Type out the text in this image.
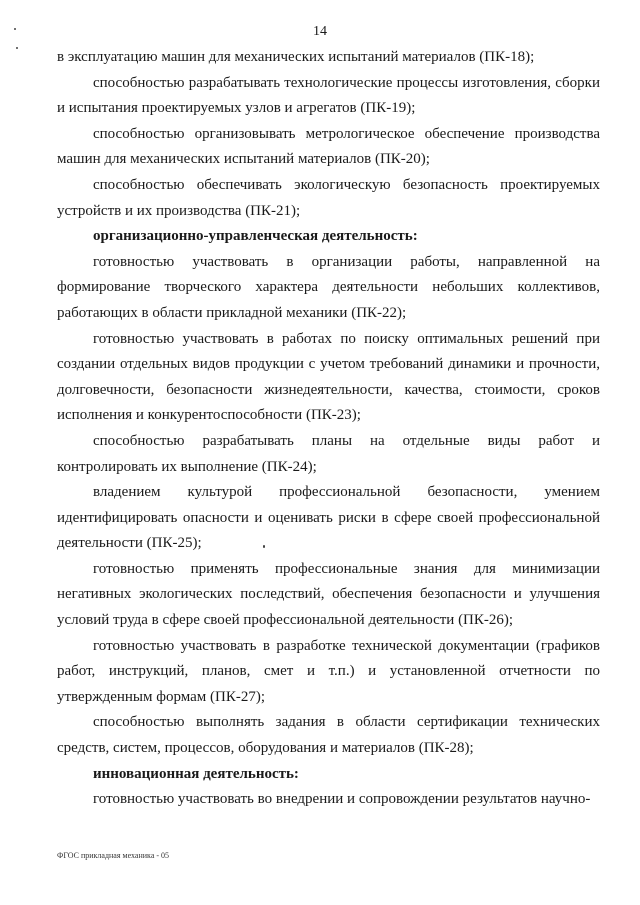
14

в эксплуатацию машин для механических испытаний материалов (ПК-18);

способностью разрабатывать технологические процессы изготовления, сборки и испытания проектируемых узлов и агрегатов (ПК-19);

способностью организовывать метрологическое обеспечение производства машин для механических испытаний материалов (ПК-20);

способностью обеспечивать экологическую безопасность проектируемых устройств и их производства (ПК-21);

организационно-управленческая деятельность:

готовностью участвовать в организации работы, направленной на формирование творческого характера деятельности небольших коллективов, работающих в области прикладной механики (ПК-22);

готовностью участвовать в работах по поиску оптимальных решений при создании отдельных видов продукции с учетом требований динамики и прочности, долговечности, безопасности жизнедеятельности, качества, стоимости, сроков исполнения и конкурентоспособности (ПК-23);

способностью разрабатывать планы на отдельные виды работ и контролировать их выполнение (ПК-24);

владением культурой профессиональной безопасности, умением идентифицировать опасности и оценивать риски в сфере своей профессиональной деятельности (ПК-25);

готовностью применять профессиональные знания для минимизации негативных экологических последствий, обеспечения безопасности и улучшения условий труда в сфере своей профессиональной деятельности (ПК-26);

готовностью участвовать в разработке технической документации (графиков работ, инструкций, планов, смет и т.п.) и установленной отчетности по утвержденным формам (ПК-27);

способностью выполнять задания в области сертификации технических средств, систем, процессов, оборудования и материалов (ПК-28);

инновационная деятельность:

готовностью участвовать во внедрении и сопровождении результатов научно-

ФГОС прикладная механика - 05
